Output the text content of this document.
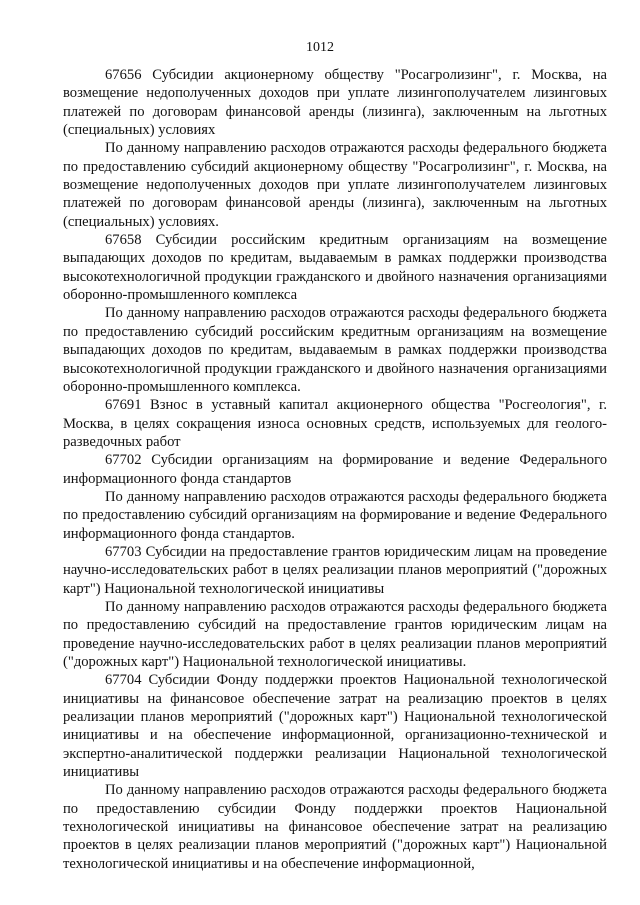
1012

67656 Субсидии акционерному обществу "Росагролизинг", г. Москва, на возмещение недополученных доходов при уплате лизингополучателем лизинговых платежей по договорам финансовой аренды (лизинга), заключенным на льготных (специальных) условиях

По данному направлению расходов отражаются расходы федерального бюджета по предоставлению субсидий акционерному обществу "Росагролизинг", г. Москва, на возмещение недополученных доходов при уплате лизингополучателем лизинговых платежей по договорам финансовой аренды (лизинга), заключенным на льготных (специальных) условиях.

67658 Субсидии российским кредитным организациям на возмещение выпадающих доходов по кредитам, выдаваемым в рамках поддержки производства высокотехнологичной продукции гражданского и двойного назначения организациями оборонно-промышленного комплекса

По данному направлению расходов отражаются расходы федерального бюджета по предоставлению субсидий российским кредитным организациям на возмещение выпадающих доходов по кредитам, выдаваемым в рамках поддержки производства высокотехнологичной продукции гражданского и двойного назначения организациями оборонно-промышленного комплекса.

67691 Взнос в уставный капитал акционерного общества "Росгеология", г. Москва, в целях сокращения износа основных средств, используемых для геолого-разведочных работ

67702 Субсидии организациям на формирование и ведение Федерального информационного фонда стандартов

По данному направлению расходов отражаются расходы федерального бюджета по предоставлению субсидий организациям на формирование и ведение Федерального информационного фонда стандартов.

67703 Субсидии на предоставление грантов юридическим лицам на проведение научно-исследовательских работ в целях реализации планов мероприятий ("дорожных карт") Национальной технологической инициативы

По данному направлению расходов отражаются расходы федерального бюджета по предоставлению субсидий на предоставление грантов юридическим лицам на проведение научно-исследовательских работ в целях реализации планов мероприятий ("дорожных карт") Национальной технологической инициативы.

67704 Субсидии Фонду поддержки проектов Национальной технологической инициативы на финансовое обеспечение затрат на реализацию проектов в целях реализации планов мероприятий ("дорожных карт") Национальной технологической инициативы и на обеспечение информационной, организационно-технической и экспертно-аналитической поддержки реализации Национальной технологической инициативы

По данному направлению расходов отражаются расходы федерального бюджета по предоставлению субсидии Фонду поддержки проектов Национальной технологической инициативы на финансовое обеспечение затрат на реализацию проектов в целях реализации планов мероприятий ("дорожных карт") Национальной технологической инициативы и на обеспечение информационной,
